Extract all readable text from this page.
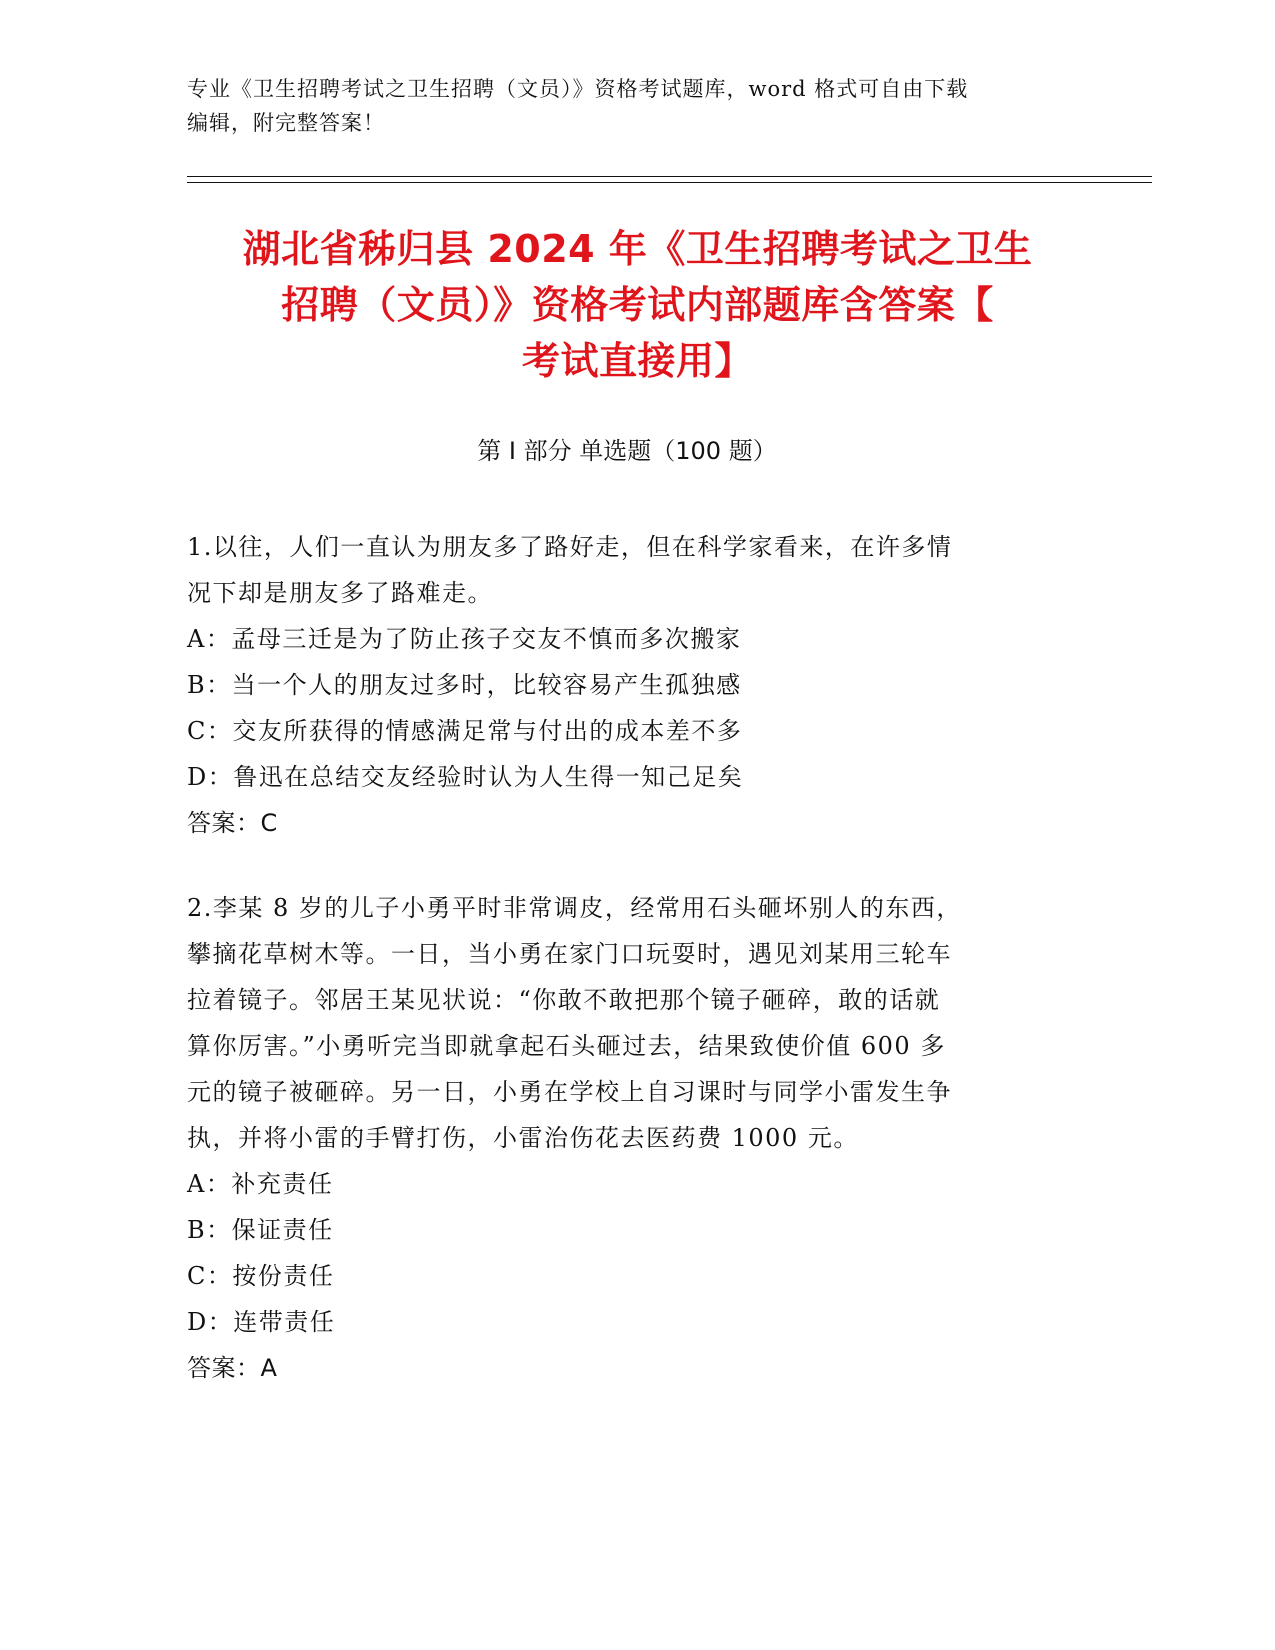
专业《卫生招聘考试之卫生招聘（文员）》资格考试题库，word 格式可自由下载
编辑，附完整答案！
湖北省秭归县 2024 年《卫生招聘考试之卫生
招聘（文员）》资格考试内部题库含答案【
考试直接用】
第 I 部分 单选题（100 题）

1.以往，人们一直认为朋友多了路好走，但在科学家看来，在许多情

况下却是朋友多了路难走。

A：孟母三迁是为了防止孩子交友不慎而多次搬家

B：当一个人的朋友过多时，比较容易产生孤独感

C：交友所获得的情感满足常与付出的成本差不多

D：鲁迅在总结交友经验时认为人生得一知己足矣

答案：C

2.李某 8 岁的儿子小勇平时非常调皮，经常用石头砸坏别人的东西，

攀摘花草树木等。一日，当小勇在家门口玩耍时，遇见刘某用三轮车

拉着镜子。邻居王某见状说：“你敢不敢把那个镜子砸碎，敢的话就

算你厉害。”小勇听完当即就拿起石头砸过去，结果致使价值 600 多

元的镜子被砸碎。另一日，小勇在学校上自习课时与同学小雷发生争

执，并将小雷的手臂打伤，小雷治伤花去医药费 1000 元。

A：补充责任

B：保证责任

C：按份责任

D：连带责任

答案：A
